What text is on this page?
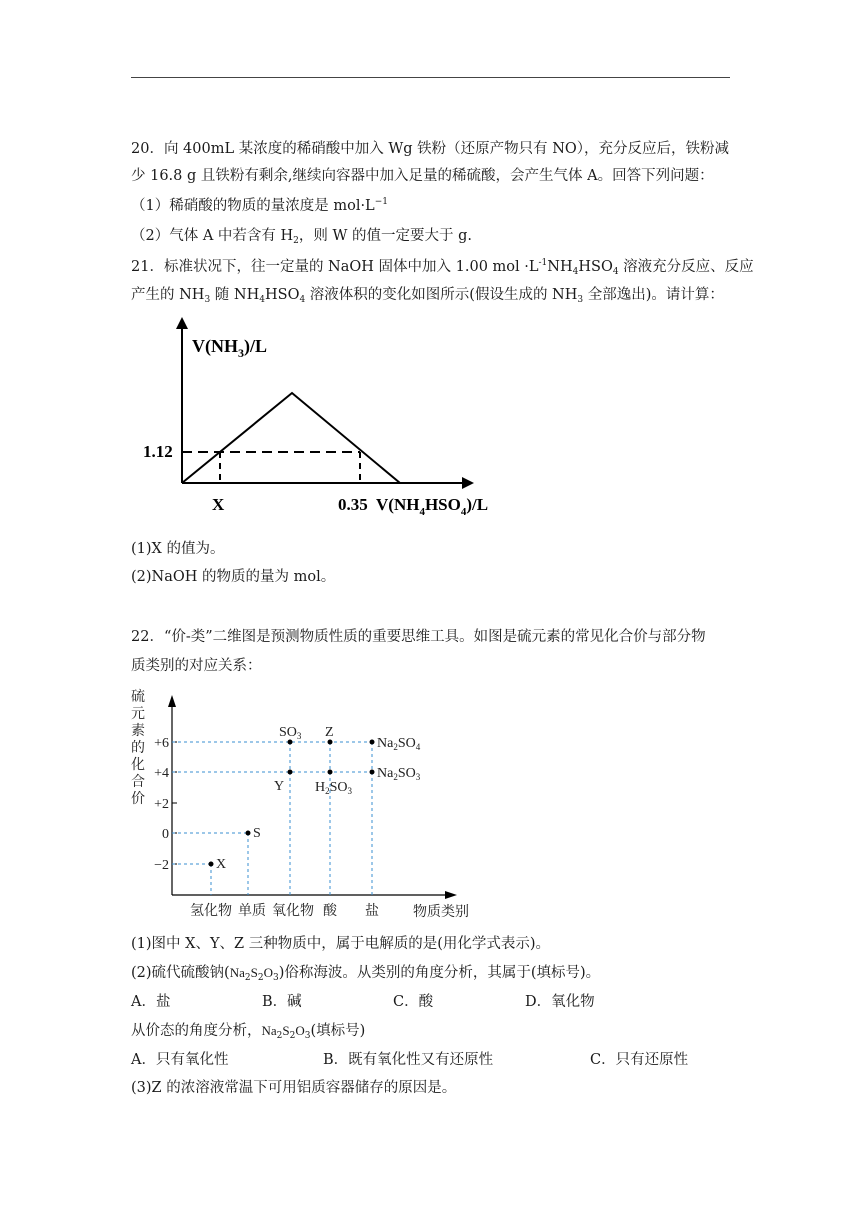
20．向 400mL 某浓度的稀硝酸中加入 Wg 铁粉（还原产物只有 NO），充分反应后，铁粉减
少 16.8 g 且铁粉有剩余,继续向容器中加入足量的稀硫酸，会产生气体 A。回答下列问题：
（1）稀硝酸的物质的量浓度是 $mol\cdot L^{-1}$
（2）气体 A 中若含有 $H_2$，则 W 的值一定要大于 g.
21．标准状况下，往一定量的 NaOH 固体中加入 1.00 mol $\cdot L^{-1}NH_4HSO_4$ 溶液充分反应、反应
产生的 $NH_3$ 随 $NH_4HSO_4$ 溶液体积的变化如图所示(假设生成的 $NH_3$ 全部逸出)。请计算：
$V(NH_3)/L$
1.12
X	0.35 $V(NH_4HSO_4)/L$
(1)X 的值为。
(2)NaOH 的物质的量为 mol。
22．“价-类”二维图是预测物质性质的重要思维工具。如图是硫元素的常见化合价与部分物
质类别的对应关系：
硫
元
素
的
化
合
价
+6
+4
+2
0
−2	X
S
$SO_3$ Z
Y $H_2SO_3$
$Na_2SO_4$
$Na_2SO_3$
氢化物 单质 氧化物 酸 盐 物质类别
(1)图中 X、Y、Z 三种物质中，属于电解质的是(用化学式表示)。
(2)硫代硫酸钠$(Na_2S_2O_3)$俗称海波。从类别的角度分析，其属于(填标号)。
A．盐	B．碱	C．酸	D．氧化物
从价态的角度分析，$Na_2S_2O_3$(填标号)
A．只有氧化性	B．既有氧化性又有还原性	C．只有还原性
(3)Z 的浓溶液常温下可用铝质容器储存的原因是。
